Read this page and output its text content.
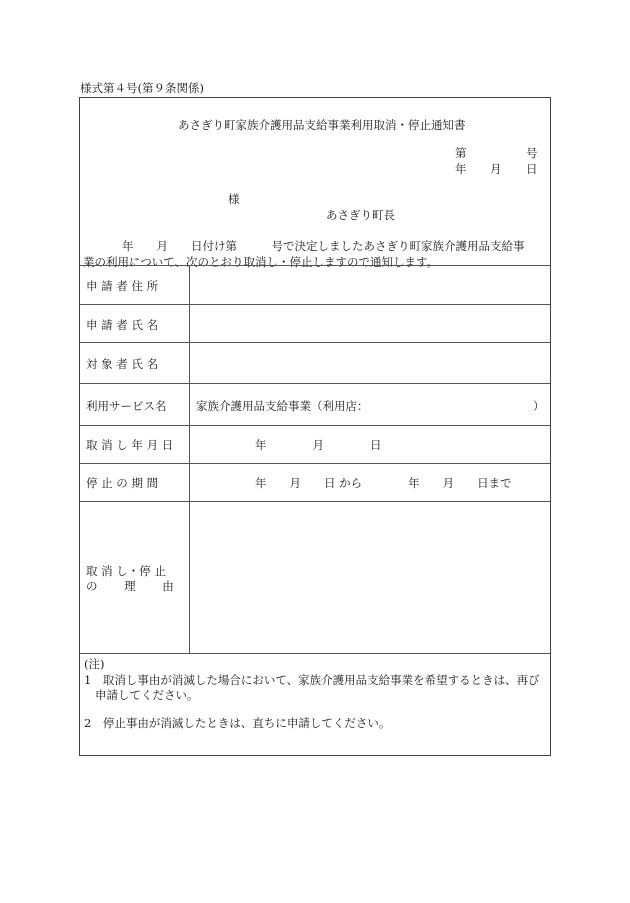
様式第４号(第９条関係)
あさぎり町家族介護用品支給事業利用取消・停止通知書
第	号
年 月 日
様
あさぎり町長
年　　月　　日付け第　　　号で決定しましたあさぎり町家族介護用品支給事
業の利用について、次のとおり取消し・停止しますので通知します。
申 請 者 住 所
申 請 者 氏 名
対 象 者 氏 名
利用サービス名	家族介護用品支給事業（利用店：	）
取 消 し 年 月 日	年　　　　月　　　　日
停 止 の 期 間	年　　月　　日 から　　　　年　　月　　日まで
取 消 し・停 止
の　　 理　　 由
(注)
1　取消し事由が消滅した場合において、家族介護用品支給事業を希望するときは、再び
申請してください。
2　停止事由が消滅したときは、直ちに申請してください。
